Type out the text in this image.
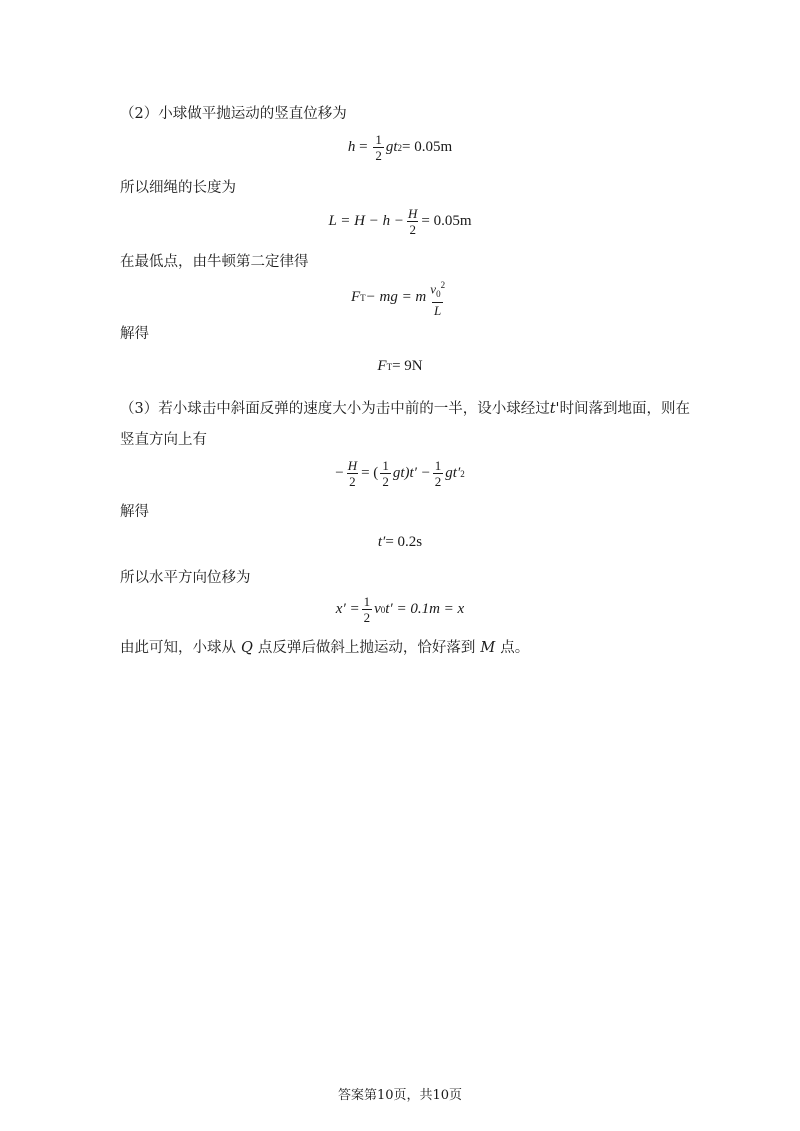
（2）小球做平抛运动的竖直位移为
$h = \frac{1}{2}$ gt 2 = 0.05m
所以细绳的长度为
$L = H - h - \frac{H}{2} = 0.05m$
在最低点，由牛顿第二定律得
F T − mg = m $\frac{v_0^2}{L}$
解得
F T = 9N
（3）若小球击中斜面反弹的速度大小为击中前的一半，设小球经过t'时间落到地面，则在
竖直方向上有
− $\frac{H}{2}$ = ( $\frac{1}{2} gt)t' - \frac{1}{2} gt'$ 2
解得
t′ = 0.2s
所以水平方向位移为
$x' = \frac{1}{2}$ v 0 t′ = 0.1m = x
由此可知，小球从 Q 点反弹后做斜上抛运动，恰好落到 M 点。
答案第10页，共10页
